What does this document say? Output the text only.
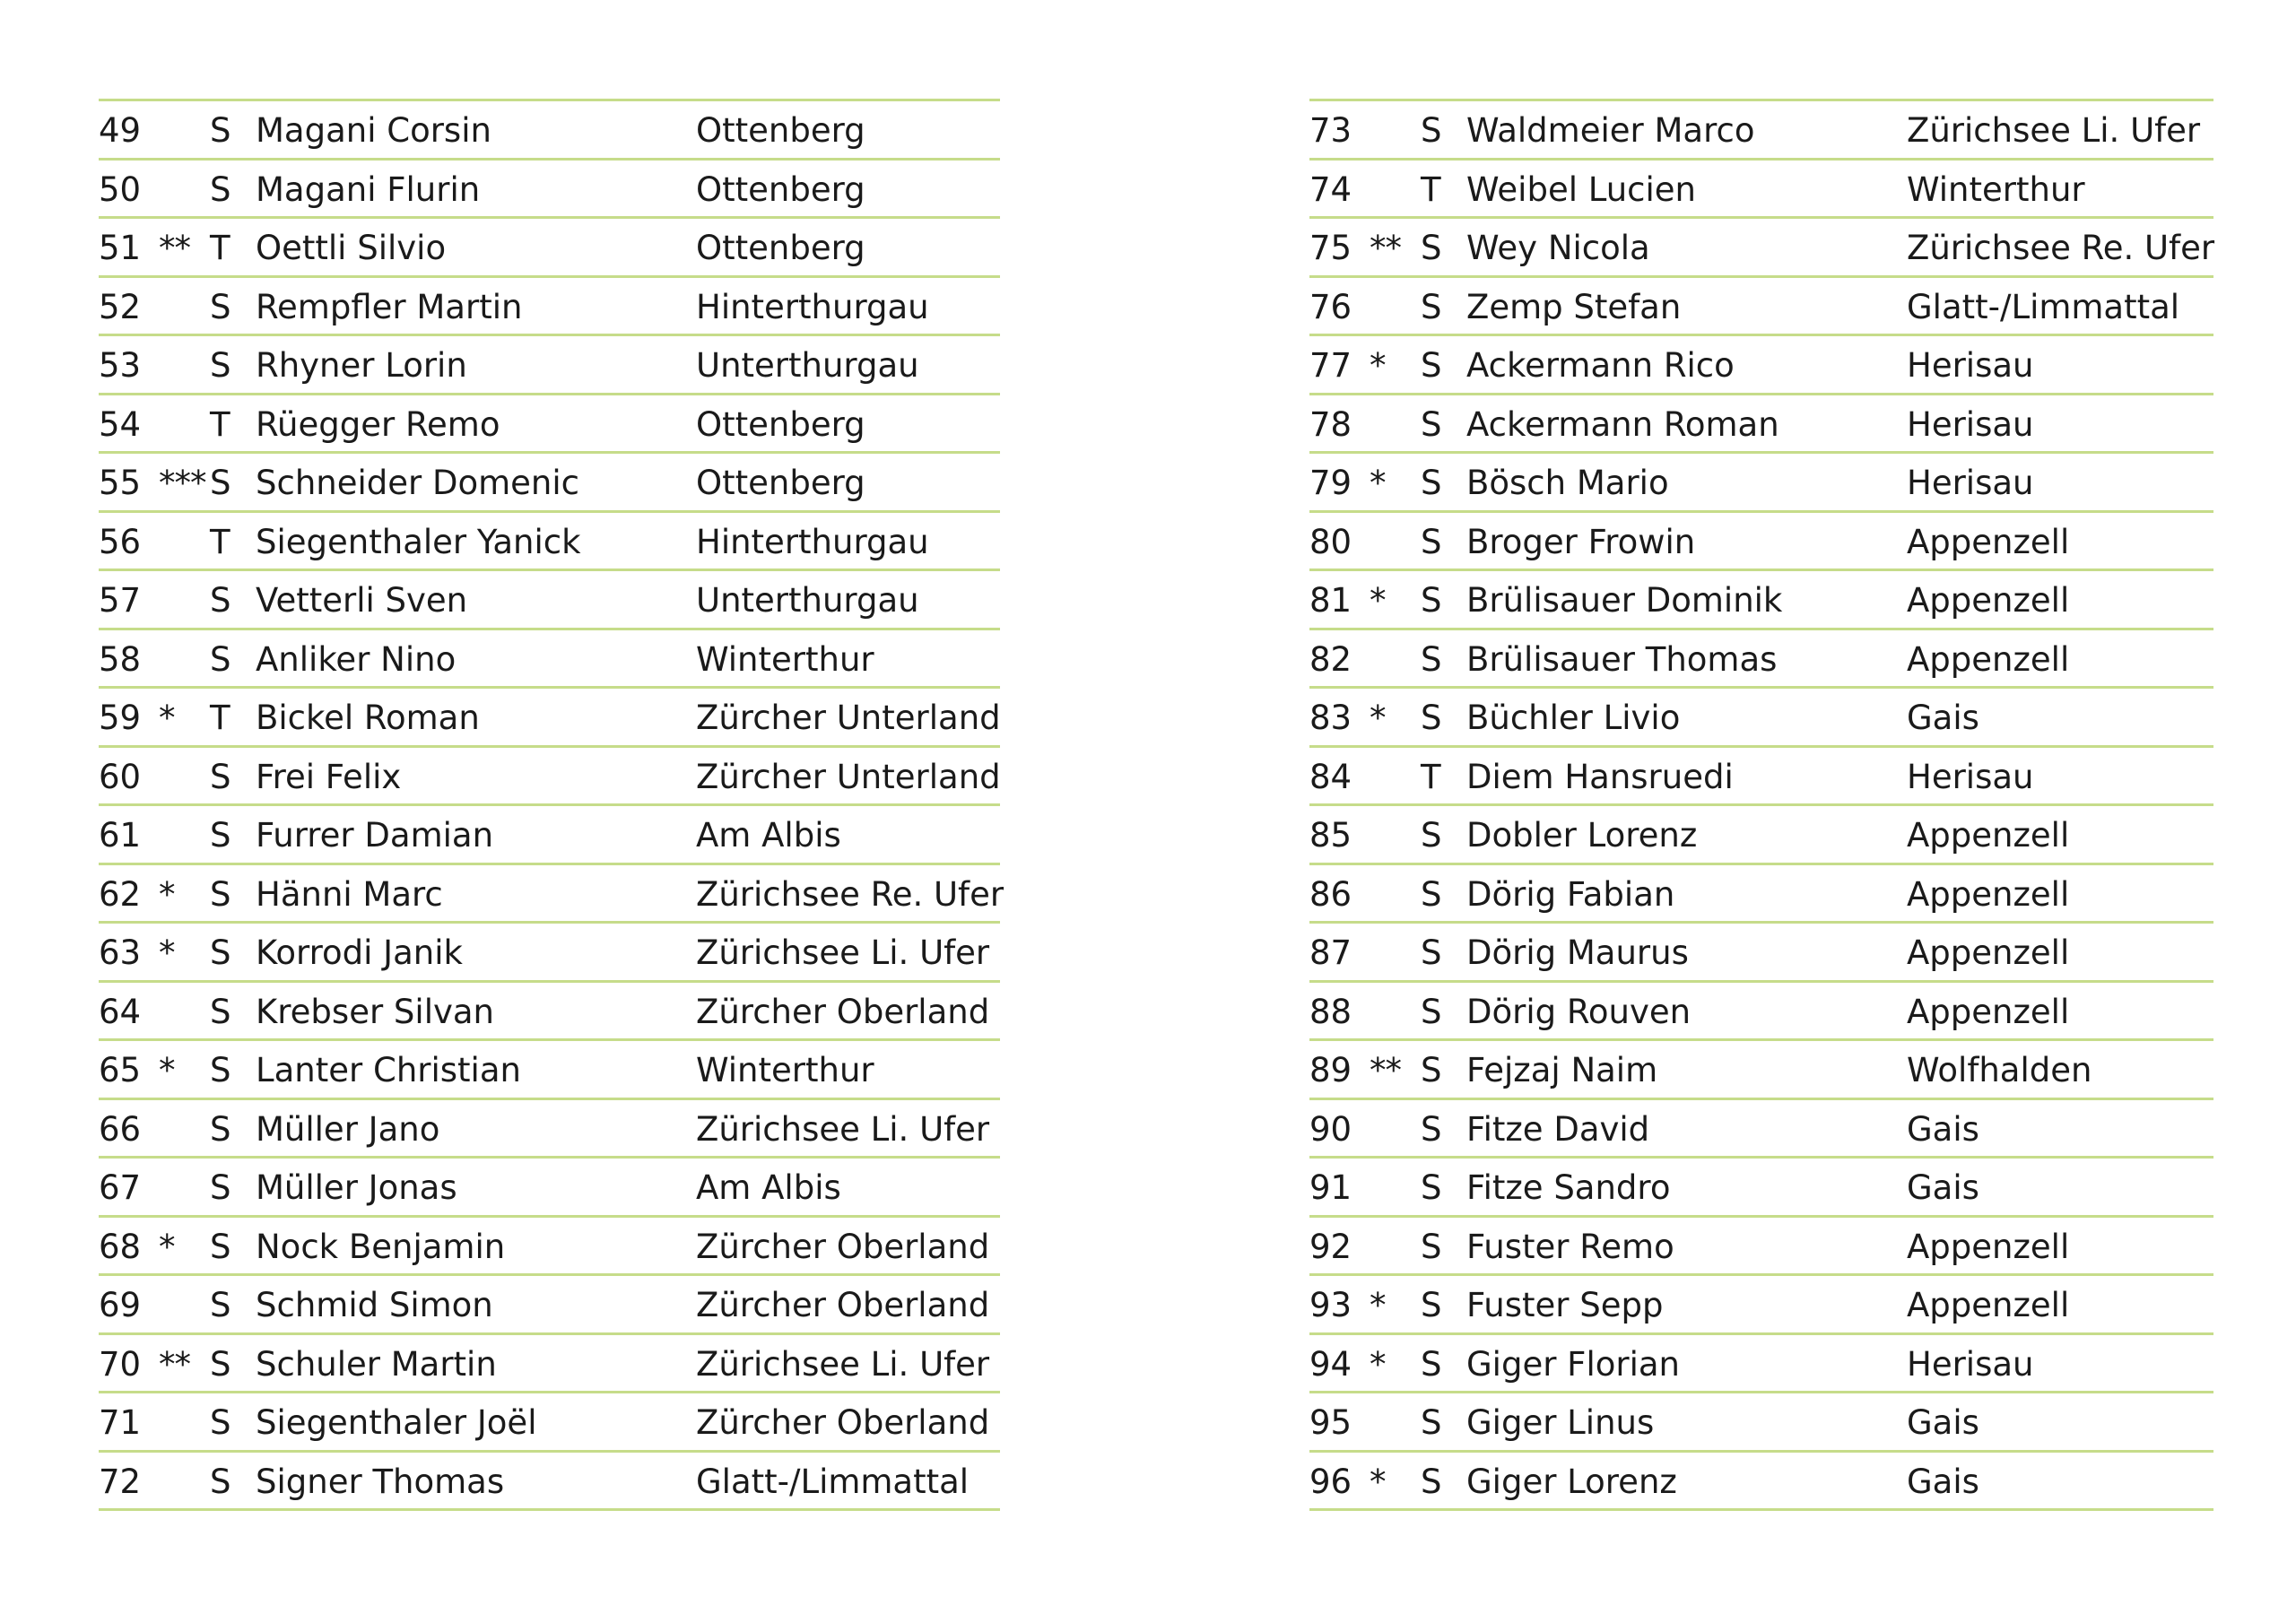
49 S Magani Corsin	Ottenberg
50 S Magani Flurin	Ottenberg
51 ** T Oettli Silvio	Ottenberg
52 S Rempfler Martin	Hinterthurgau
53 S Rhyner Lorin	Unterthurgau
54 T Rüegger Remo	Ottenberg
55 *** S Schneider Domenic	Ottenberg
56 T Siegenthaler Yanick	Hinterthurgau
57 S Vetterli Sven	Unterthurgau
58 S Anliker Nino	Winterthur
59 * T Bickel Roman	Zürcher Unterland
60 S Frei Felix	Zürcher Unterland
61 S Furrer Damian	Am Albis
62 * S Hänni Marc	Zürichsee Re. Ufer
63 * S Korrodi Janik	Zürichsee Li. Ufer
64 S Krebser Silvan	Zürcher Oberland
65 * S Lanter Christian	Winterthur
66 S Müller Jano	Zürichsee Li. Ufer
67 S Müller Jonas	Am Albis
68 * S Nock Benjamin	Zürcher Oberland
69 S Schmid Simon	Zürcher Oberland
70 ** S Schuler Martin	Zürichsee Li. Ufer
71 S Siegenthaler Joël	Zürcher Oberland
72 S Signer Thomas	Glatt-/Limmattal
73 S Waldmeier Marco	Zürichsee Li. Ufer
74 T Weibel Lucien	Winterthur
75 ** S Wey Nicola	Zürichsee Re. Ufer
76 S Zemp Stefan	Glatt-/Limmattal
77 * S Ackermann Rico	Herisau
78 S Ackermann Roman	Herisau
79 * S Bösch Mario	Herisau
80 S Broger Frowin	Appenzell
81 * S Brülisauer Dominik	Appenzell
82 S Brülisauer Thomas	Appenzell
83 * S Büchler Livio	Gais
84 T Diem Hansruedi	Herisau
85 S Dobler Lorenz	Appenzell
86 S Dörig Fabian	Appenzell
87 S Dörig Maurus	Appenzell
88 S Dörig Rouven	Appenzell
89 ** S Fejzaj Naim	Wolfhalden
90 S Fitze David	Gais
91 S Fitze Sandro	Gais
92 S Fuster Remo	Appenzell
93 * S Fuster Sepp	Appenzell
94 * S Giger Florian	Herisau
95 S Giger Linus	Gais
96 * S Giger Lorenz	Gais
